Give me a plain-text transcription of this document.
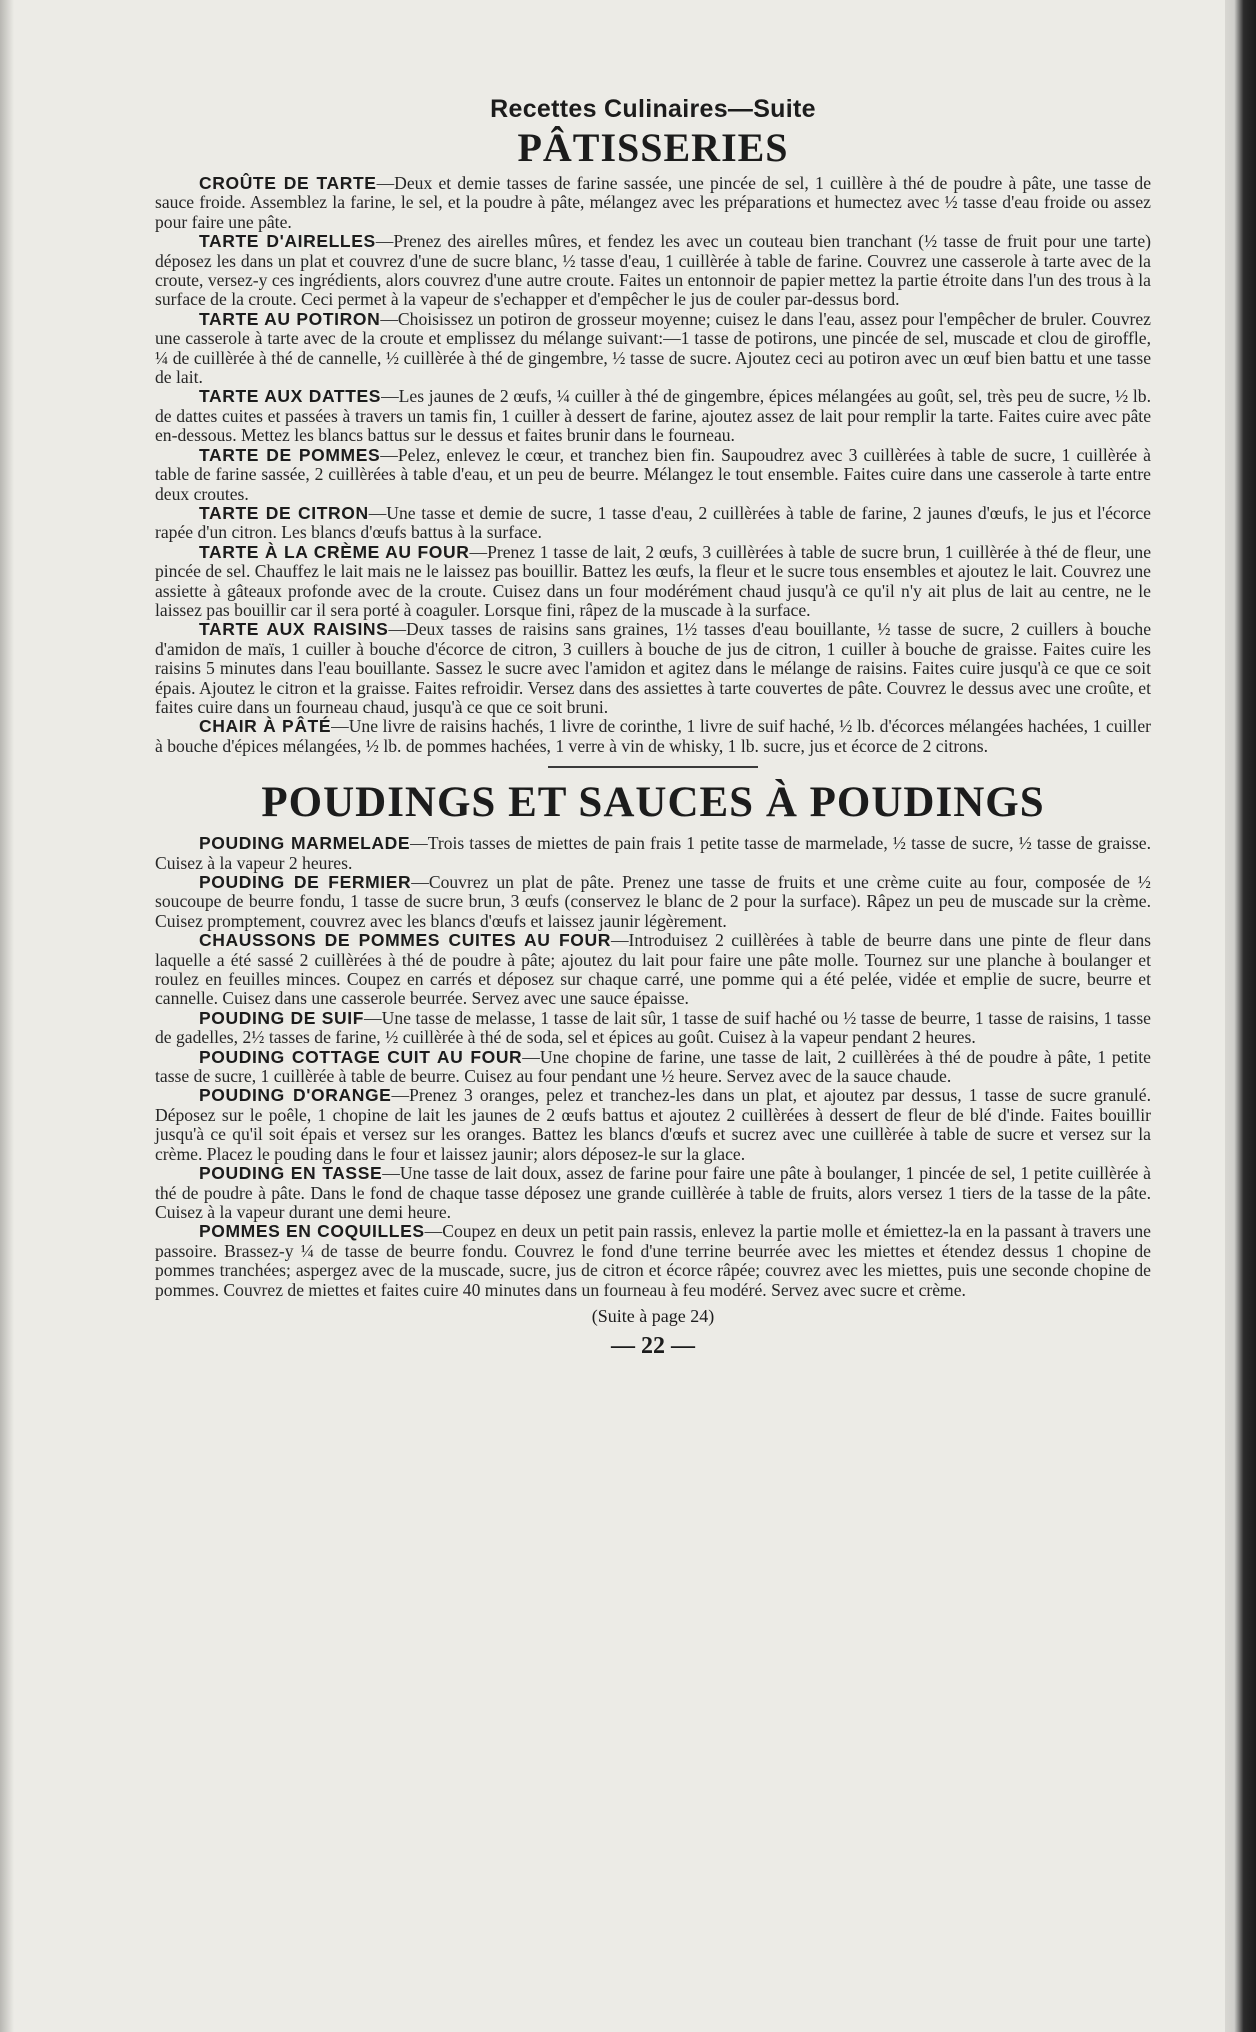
Recettes Culinaires—Suite
PÂTISSERIES

CROÛTE DE TARTE—Deux et demie tasses de farine sassée, une pincée de sel, 1 cuillère à thé de poudre à pâte, une tasse de sauce froide. Assemblez la farine, le sel, et la poudre à pâte, mélangez avec les préparations et humectez avec ½ tasse d'eau froide ou assez pour faire une pâte.

TARTE D'AIRELLES—Prenez des airelles mûres, et fendez les avec un couteau bien tranchant (½ tasse de fruit pour une tarte) déposez les dans un plat et couvrez d'une de sucre blanc, ½ tasse d'eau, 1 cuillèrée à table de farine. Couvrez une casserole à tarte avec de la croute, versez-y ces ingrédients, alors couvrez d'une autre croute. Faites un entonnoir de papier mettez la partie étroite dans l'un des trous à la surface de la croute. Ceci permet à la vapeur de s'echapper et d'empêcher le jus de couler par-dessus bord.

TARTE AU POTIRON—Choisissez un potiron de grosseur moyenne; cuisez le dans l'eau, assez pour l'empêcher de bruler. Couvrez une casserole à tarte avec de la croute et emplissez du mélange suivant:—1 tasse de potirons, une pincée de sel, muscade et clou de giroffle, ¼ de cuillèrée à thé de cannelle, ½ cuillèrée à thé de gingembre, ½ tasse de sucre. Ajoutez ceci au potiron avec un œuf bien battu et une tasse de lait.

TARTE AUX DATTES—Les jaunes de 2 œufs, ¼ cuiller à thé de gingembre, épices mélangées au goût, sel, très peu de sucre, ½ lb. de dattes cuites et passées à travers un tamis fin, 1 cuiller à dessert de farine, ajoutez assez de lait pour remplir la tarte. Faites cuire avec pâte en-dessous. Mettez les blancs battus sur le dessus et faites brunir dans le fourneau.

TARTE DE POMMES—Pelez, enlevez le cœur, et tranchez bien fin. Saupoudrez avec 3 cuillèrées à table de sucre, 1 cuillèrée à table de farine sassée, 2 cuillèrées à table d'eau, et un peu de beurre. Mélangez le tout ensemble. Faites cuire dans une casserole à tarte entre deux croutes.

TARTE DE CITRON—Une tasse et demie de sucre, 1 tasse d'eau, 2 cuillèrées à table de farine, 2 jaunes d'œufs, le jus et l'écorce rapée d'un citron. Les blancs d'œufs battus à la surface.

TARTE À LA CRÈME AU FOUR—Prenez 1 tasse de lait, 2 œufs, 3 cuillèrées à table de sucre brun, 1 cuillèrée à thé de fleur, une pincée de sel. Chauffez le lait mais ne le laissez pas bouillir. Battez les œufs, la fleur et le sucre tous ensembles et ajoutez le lait. Couvrez une assiette à gâteaux profonde avec de la croute. Cuisez dans un four modérément chaud jusqu'à ce qu'il n'y ait plus de lait au centre, ne le laissez pas bouillir car il sera porté à coaguler. Lorsque fini, râpez de la muscade à la surface.

TARTE AUX RAISINS—Deux tasses de raisins sans graines, 1½ tasses d'eau bouillante, ½ tasse de sucre, 2 cuillers à bouche d'amidon de maïs, 1 cuiller à bouche d'écorce de citron, 3 cuillers à bouche de jus de citron, 1 cuiller à bouche de graisse. Faites cuire les raisins 5 minutes dans l'eau bouillante. Sassez le sucre avec l'amidon et agitez dans le mélange de raisins. Faites cuire jusqu'à ce que ce soit épais. Ajoutez le citron et la graisse. Faites refroidir. Versez dans des assiettes à tarte couvertes de pâte. Couvrez le dessus avec une croûte, et faites cuire dans un fourneau chaud, jusqu'à ce que ce soit bruni.

CHAIR À PÂTÉ—Une livre de raisins hachés, 1 livre de corinthe, 1 livre de suif haché, ½ lb. d'écorces mélangées hachées, 1 cuiller à bouche d'épices mélangées, ½ lb. de pommes hachées, 1 verre à vin de whisky, 1 lb. sucre, jus et écorce de 2 citrons.

POUDINGS ET SAUCES À POUDINGS

POUDING MARMELADE—Trois tasses de miettes de pain frais 1 petite tasse de marmelade, ½ tasse de sucre, ½ tasse de graisse. Cuisez à la vapeur 2 heures.

POUDING DE FERMIER—Couvrez un plat de pâte. Prenez une tasse de fruits et une crème cuite au four, composée de ½ soucoupe de beurre fondu, 1 tasse de sucre brun, 3 œufs (conservez le blanc de 2 pour la surface). Râpez un peu de muscade sur la crème. Cuisez promptement, couvrez avec les blancs d'œufs et laissez jaunir légèrement.

CHAUSSONS DE POMMES CUITES AU FOUR—Introduisez 2 cuillèrées à table de beurre dans une pinte de fleur dans laquelle a été sassé 2 cuillèrées à thé de poudre à pâte; ajoutez du lait pour faire une pâte molle. Tournez sur une planche à boulanger et roulez en feuilles minces. Coupez en carrés et déposez sur chaque carré, une pomme qui a été pelée, vidée et emplie de sucre, beurre et cannelle. Cuisez dans une casserole beurrée. Servez avec une sauce épaisse.

POUDING DE SUIF—Une tasse de melasse, 1 tasse de lait sûr, 1 tasse de suif haché ou ½ tasse de beurre, 1 tasse de raisins, 1 tasse de gadelles, 2½ tasses de farine, ½ cuillèrée à thé de soda, sel et épices au goût. Cuisez à la vapeur pendant 2 heures.

POUDING COTTAGE CUIT AU FOUR—Une chopine de farine, une tasse de lait, 2 cuillèrées à thé de poudre à pâte, 1 petite tasse de sucre, 1 cuillèrée à table de beurre. Cuisez au four pendant une ½ heure. Servez avec de la sauce chaude.

POUDING D'ORANGE—Prenez 3 oranges, pelez et tranchez-les dans un plat, et ajoutez par dessus, 1 tasse de sucre granulé. Déposez sur le poêle, 1 chopine de lait les jaunes de 2 œufs battus et ajoutez 2 cuillèrées à dessert de fleur de blé d'inde. Faites bouillir jusqu'à ce qu'il soit épais et versez sur les oranges. Battez les blancs d'œufs et sucrez avec une cuillèrée à table de sucre et versez sur la crème. Placez le pouding dans le four et laissez jaunir; alors déposez-le sur la glace.

POUDING EN TASSE—Une tasse de lait doux, assez de farine pour faire une pâte à boulanger, 1 pincée de sel, 1 petite cuillèrée à thé de poudre à pâte. Dans le fond de chaque tasse déposez une grande cuillèrée à table de fruits, alors versez 1 tiers de la tasse de la pâte. Cuisez à la vapeur durant une demi heure.

POMMES EN COQUILLES—Coupez en deux un petit pain rassis, enlevez la partie molle et émiettez-la en la passant à travers une passoire. Brassez-y ¼ de tasse de beurre fondu. Couvrez le fond d'une terrine beurrée avec les miettes et étendez dessus 1 chopine de pommes tranchées; aspergez avec de la muscade, sucre, jus de citron et écorce râpée; couvrez avec les miettes, puis une seconde chopine de pommes. Couvrez de miettes et faites cuire 40 minutes dans un fourneau à feu modéré. Servez avec sucre et crème.

(Suite à page 24)
— 22 —
